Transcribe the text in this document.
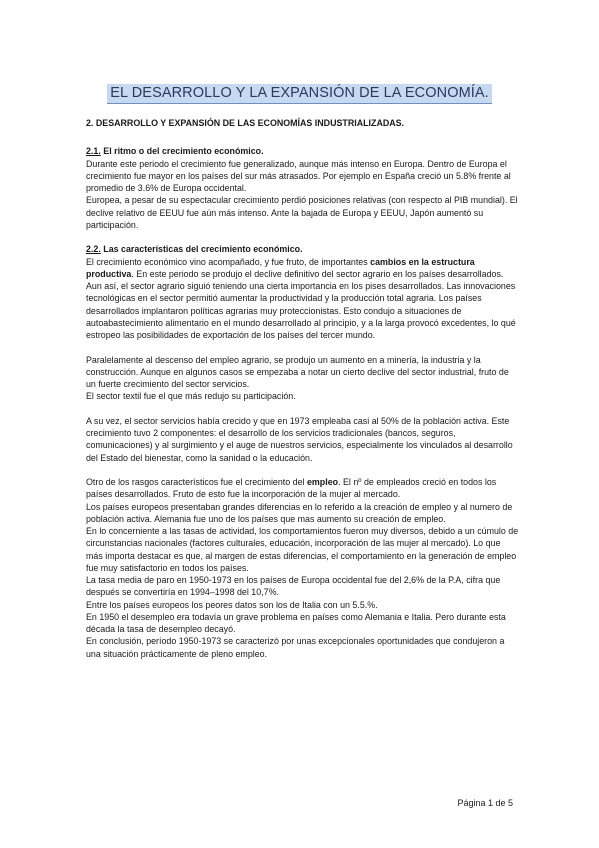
EL DESARROLLO Y LA EXPANSIÓN DE LA ECONOMÍA.
2. DESARROLLO Y EXPANSIÓN DE LAS ECONOMÍAS INDUSTRIALIZADAS.
2.1. El ritmo o del crecimiento económico.

Durante este periodo el crecimiento fue generalizado, aunque más intenso en Europa. Dentro de Europa el crecimiento fue mayor en los países del sur más atrasados. Por ejemplo en España creció un 5.8% frente al promedio de 3.6% de Europa occidental.

Europea, a pesar de su espectacular crecimiento perdió posiciones relativas (con respecto al PIB mundial). El declive relativo de EEUU fue aún más intenso. Ante la bajada de Europa y EEUU, Japón aumentó su participación.

2.2. Las características del crecimiento económico.

El crecimiento económico vino acompañado, y fue fruto, de importantes cambios en la estructura productiva. En este periodo se produjo el declive definitivo del sector agrario en los países desarrollados.

Aun así, el sector agrario siguió teniendo una cierta importancia en los pises desarrollados. Las innovaciones tecnológicas en el sector permitió aumentar la productividad y la producción total agraria. Los países desarrollados implantaron políticas agrarias muy proteccionistas. Esto condujo a situaciones de autoabastecimiento alimentario en el mundo desarrollado al principio, y a la larga provocó excedentes, lo qué estropeo las posibilidades de exportación de los países del tercer mundo.

Paralelamente al descenso del empleo agrario, se produjo un aumento en a minería, la industria y la construcción. Aunque en algunos casos se empezaba a notar un cierto declive del sector industrial, fruto de un fuerte crecimiento del sector servicios.

El sector textil fue el que más redujo su participación.

A su vez, el sector servicios había crecido y que en 1973 empleaba casi al 50% de la población activa. Este crecimiento tuvo 2 componentes: el desarrollo de los servicios tradicionales (bancos, seguros, comunicaciones) y al surgimiento y el auge de nuestros servicios, especialmente los vinculados al desarrollo del Estado del bienestar, como la sanidad o la educación.

Otro de los rasgos característicos fue el crecimiento del empleo. El nº de empleados creció en todos los países desarrollados. Fruto de esto fue la incorporación de la mujer al mercado.

Los países europeos presentaban grandes diferencias en lo referido a la creación de empleo y al numero de población activa. Alemania fue uno de los países que mas aumento su creación de empleo.

En lo concerniente a las tasas de actividad, los comportamientos fueron muy diversos, debido a un cúmulo de circunstancias nacionales (factores culturales, educación, incorporación de las mujer al mercado). Lo que más importa destacar es que, al margen de estas diferencias, el comportamiento en la generación de empleo fue muy satisfactorio en todos los países.

La tasa media de paro en 1950-1973 en los países de Europa occidental fue del 2,6% de la P.A, cifra que después se convertiría en 1994–1998 del 10,7%.

Entre los países europeos los peores datos son los de Italia con un 5.5.%.

En 1950 el desempleo era todavía un grave problema en países como Alemania e Italia. Pero durante esta década la tasa de desempleo decayó.

En conclusión, período 1950-1973 se caracterizó por unas excepcionales oportunidades que condujeron a una situación prácticamente de pleno empleo.

Página 1 de 5
